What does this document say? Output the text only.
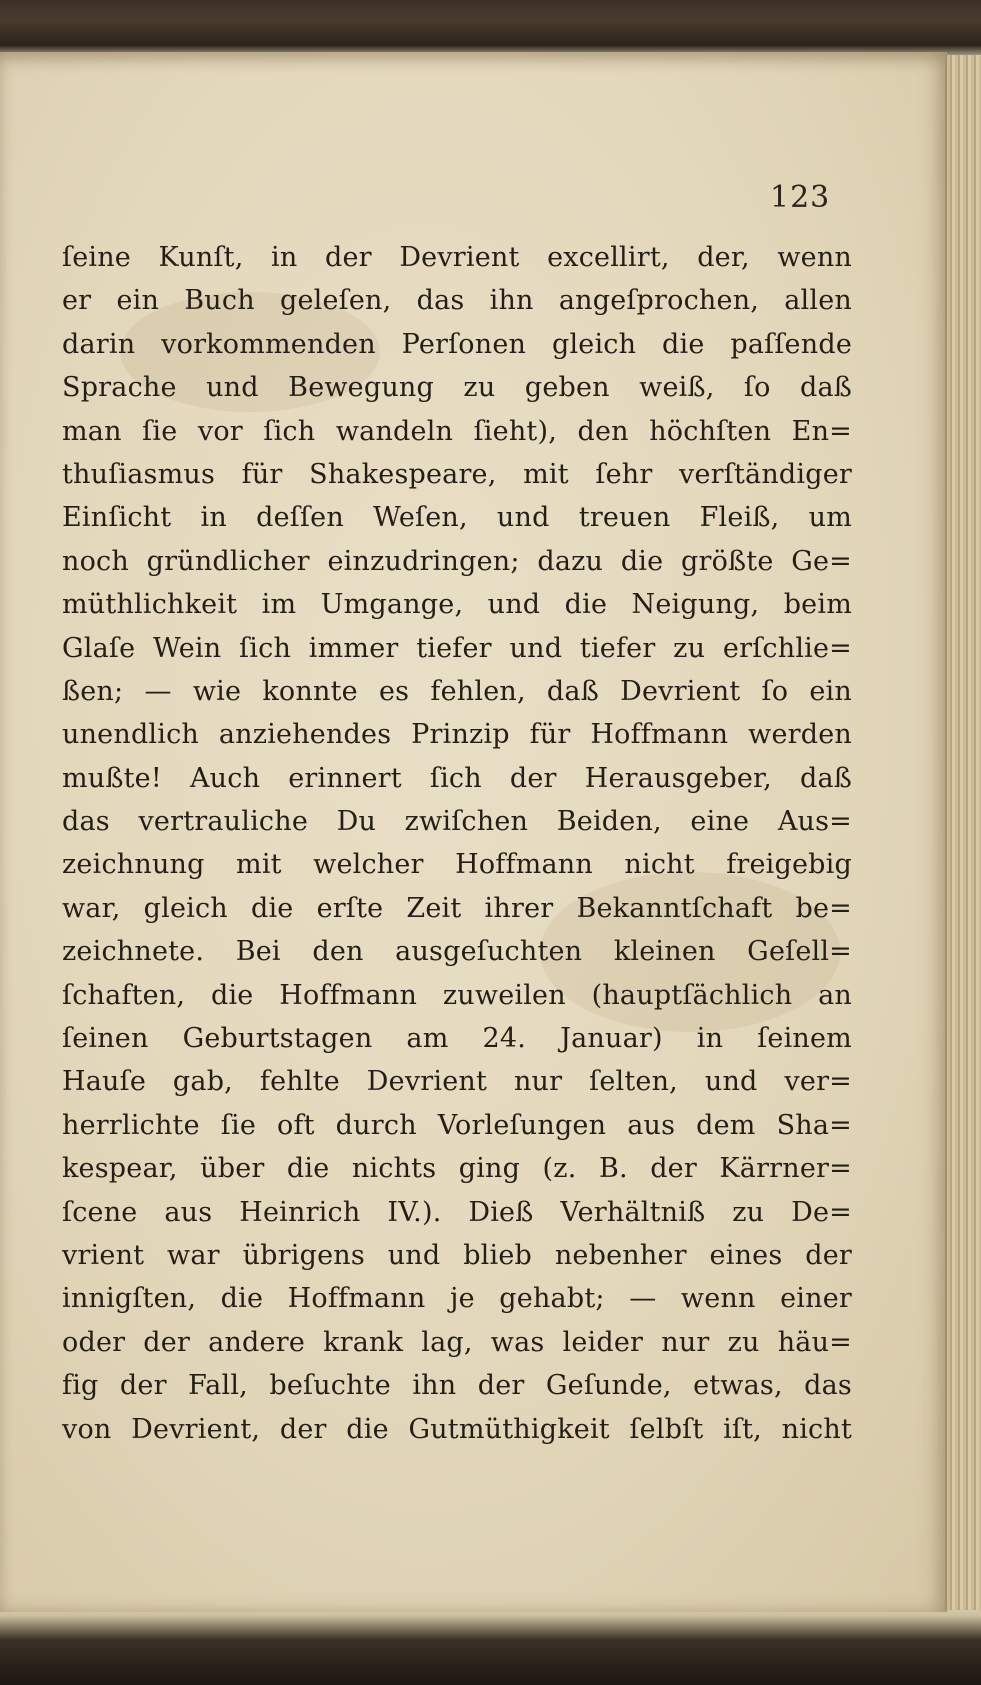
123
ſeine Kunſt, in der Devrient excellirt, der, wenn
er ein Buch geleſen, das ihn angeſprochen, allen
darin vorkommenden Perſonen gleich die paſſende
Sprache und Bewegung zu geben weiß, ſo daß
man ſie vor ſich wandeln ſieht), den höchſten En=
thuſiasmus für Shakespeare, mit ſehr verſtändiger
Einſicht in deſſen Weſen, und treuen Fleiß, um
noch gründlicher einzudringen; dazu die größte Ge=
müthlichkeit im Umgange, und die Neigung, beim
Glaſe Wein ſich immer tiefer und tiefer zu erſchlie=
ßen; — wie konnte es fehlen, daß Devrient ſo ein
unendlich anziehendes Prinzip für Hoffmann werden
mußte! Auch erinnert ſich der Herausgeber, daß
das vertrauliche Du zwiſchen Beiden, eine Aus=
zeichnung mit welcher Hoffmann nicht freigebig
war, gleich die erſte Zeit ihrer Bekanntſchaft be=
zeichnete. Bei den ausgeſuchten kleinen Geſell=
ſchaften, die Hoffmann zuweilen (hauptſächlich an
ſeinen Geburtstagen am 24. Januar) in ſeinem
Hauſe gab, fehlte Devrient nur ſelten, und ver=
herrlichte ſie oft durch Vorleſungen aus dem Sha=
kespear, über die nichts ging (z. B. der Kärrner=
ſcene aus Heinrich IV.). Dieß Verhältniß zu De=
vrient war übrigens und blieb nebenher eines der
innigſten, die Hoffmann je gehabt; — wenn einer
oder der andere krank lag, was leider nur zu häu=
fig der Fall, beſuchte ihn der Geſunde, etwas, das
von Devrient, der die Gutmüthigkeit ſelbſt iſt, nicht
